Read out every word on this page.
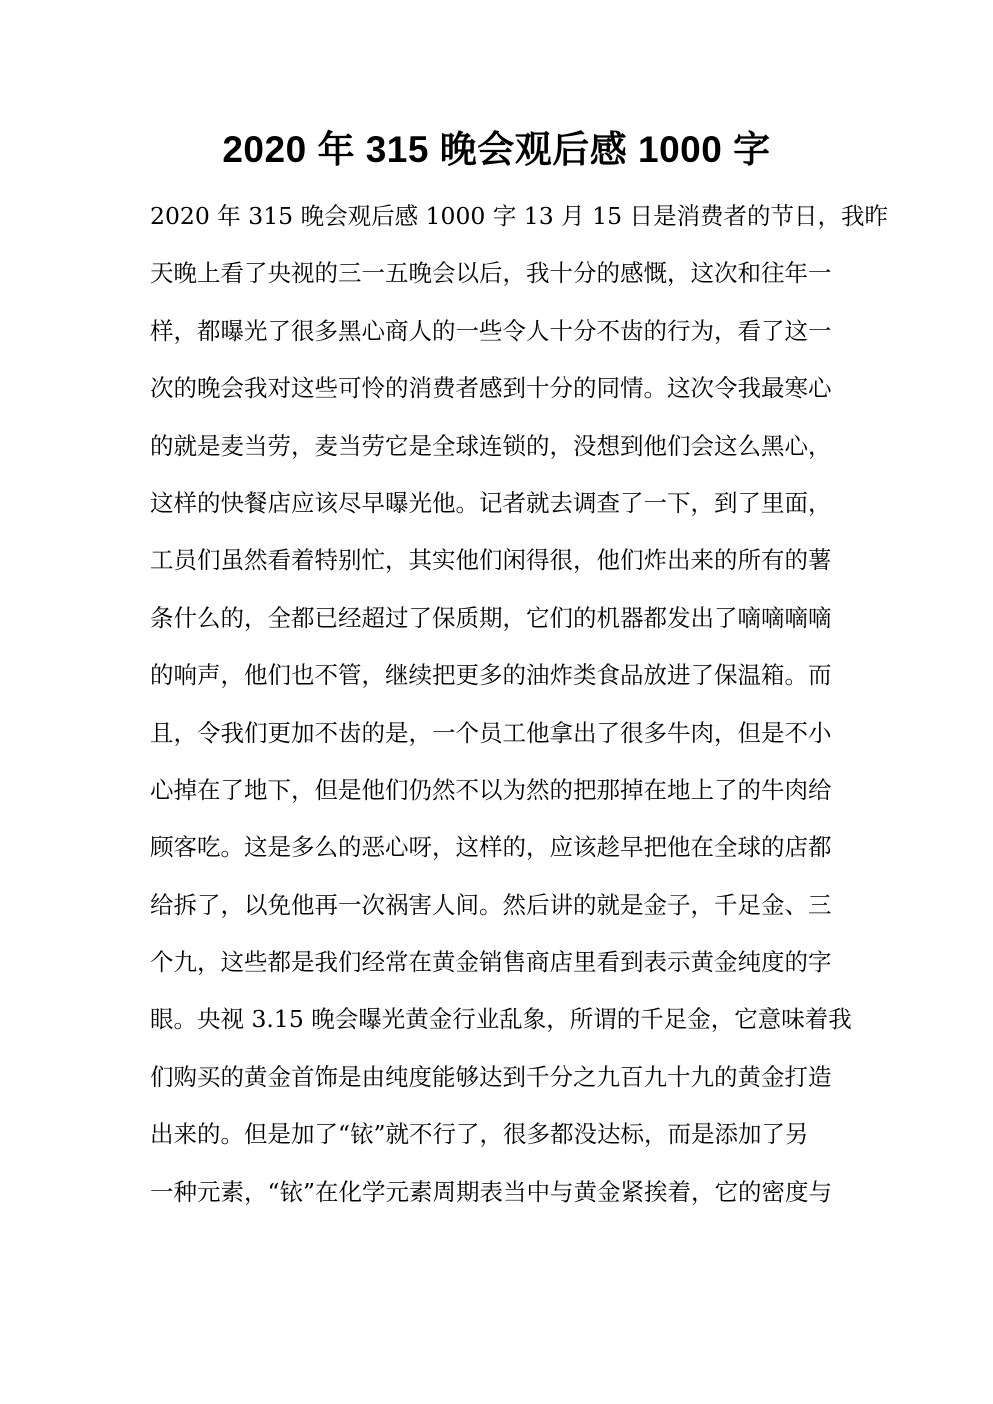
2020 年 315 晚会观后感 1000 字
2020 年 315 晚会观后感 1000 字 13 月 15 日是消费者的节日，我昨
天晚上看了央视的三一五晚会以后，我十分的感慨，这次和往年一
样，都曝光了很多黑心商人的一些令人十分不齿的行为，看了这一
次的晚会我对这些可怜的消费者感到十分的同情。这次令我最寒心
的就是麦当劳，麦当劳它是全球连锁的，没想到他们会这么黑心，
这样的快餐店应该尽早曝光他。记者就去调查了一下，到了里面，
工员们虽然看着特别忙，其实他们闲得很，他们炸出来的所有的薯
条什么的，全都已经超过了保质期，它们的机器都发出了嘀嘀嘀嘀
的响声，他们也不管，继续把更多的油炸类食品放进了保温箱。而
且，令我们更加不齿的是，一个员工他拿出了很多牛肉，但是不小
心掉在了地下，但是他们仍然不以为然的把那掉在地上了的牛肉给
顾客吃。这是多么的恶心呀，这样的，应该趁早把他在全球的店都
给拆了，以免他再一次祸害人间。然后讲的就是金子，千足金、三
个九，这些都是我们经常在黄金销售商店里看到表示黄金纯度的字
眼。央视 3.15 晚会曝光黄金行业乱象，所谓的千足金，它意味着我
们购买的黄金首饰是由纯度能够达到千分之九百九十九的黄金打造
出来的。但是加了“铱”就不行了，很多都没达标，而是添加了另
一种元素，“铱”在化学元素周期表当中与黄金紧挨着，它的密度与
